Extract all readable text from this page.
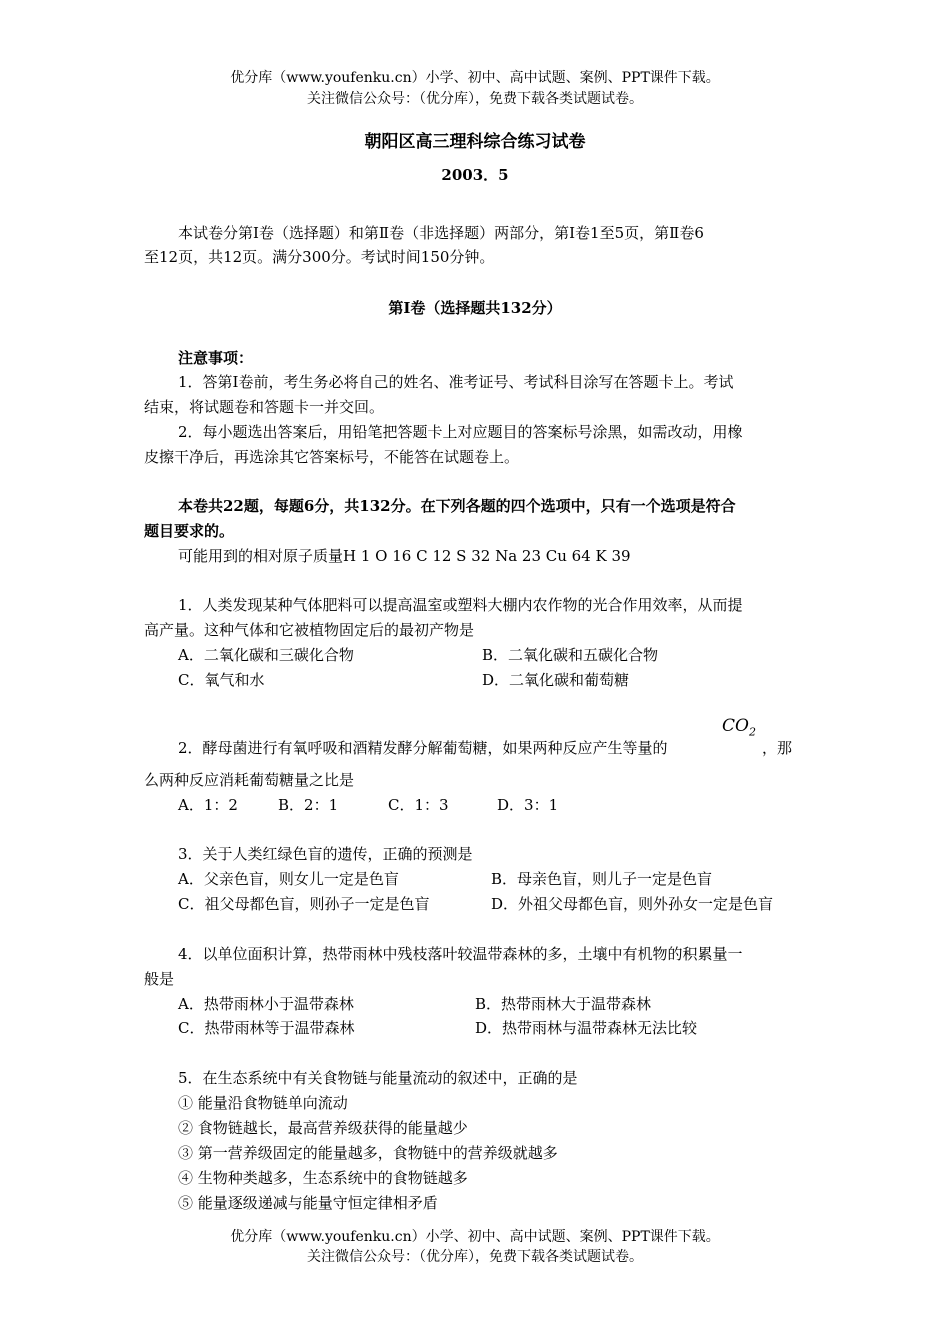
优分库（www.youfenku.cn）小学、初中、高中试题、案例、PPT课件下载。
关注微信公众号：（优分库），免费下载各类试题试卷。
朝阳区高三理科综合练习试卷
2003．5
本试卷分第Ⅰ卷（选择题）和第Ⅱ卷（非选择题）两部分，第Ⅰ卷1至5页，第Ⅱ卷6
至12页，共12页。满分300分。考试时间150分钟。
第Ⅰ卷（选择题共132分）
注意事项：
1．答第Ⅰ卷前，考生务必将自己的姓名、准考证号、考试科目涂写在答题卡上。考试
结束，将试题卷和答题卡一并交回。
2．每小题选出答案后，用铅笔把答题卡上对应题目的答案标号涂黑，如需改动，用橡
皮擦干净后，再选涂其它答案标号，不能答在试题卷上。
本卷共22题，每题6分，共132分。在下列各题的四个选项中，只有一个选项是符合
题目要求的。
可能用到的相对原子质量H 1 O 16 C 12 S 32 Na 23 Cu 64 K 39
1．人类发现某种气体肥料可以提高温室或塑料大棚内农作物的光合作用效率，从而提
高产量。这种气体和它被植物固定后的最初产物是
A．二氧化碳和三碳化合物	B．二氧化碳和五碳化合物
C．氧气和水	D．二氧化碳和葡萄糖
2．酵母菌进行有氧呼吸和酒精发酵分解葡萄糖，如果两种反应产生等量的
$CO_2$
，那
么两种反应消耗葡萄糖量之比是
A．1：2	B．2：1	C．1：3	D．3：1
3．关于人类红绿色盲的遗传，正确的预测是
A．父亲色盲，则女儿一定是色盲	B．母亲色盲，则儿子一定是色盲
C．祖父母都色盲，则孙子一定是色盲	D．外祖父母都色盲，则外孙女一定是色盲
4．以单位面积计算，热带雨林中残枝落叶较温带森林的多，土壤中有机物的积累量一
般是
A．热带雨林小于温带森林	B．热带雨林大于温带森林
C．热带雨林等于温带森林	D．热带雨林与温带森林无法比较
5．在生态系统中有关食物链与能量流动的叙述中，正确的是
① 能量沿食物链单向流动
② 食物链越长，最高营养级获得的能量越少
③ 第一营养级固定的能量越多，食物链中的营养级就越多
④ 生物种类越多，生态系统中的食物链越多
⑤ 能量逐级递减与能量守恒定律相矛盾
优分库（www.youfenku.cn）小学、初中、高中试题、案例、PPT课件下载。
关注微信公众号：（优分库），免费下载各类试题试卷。
